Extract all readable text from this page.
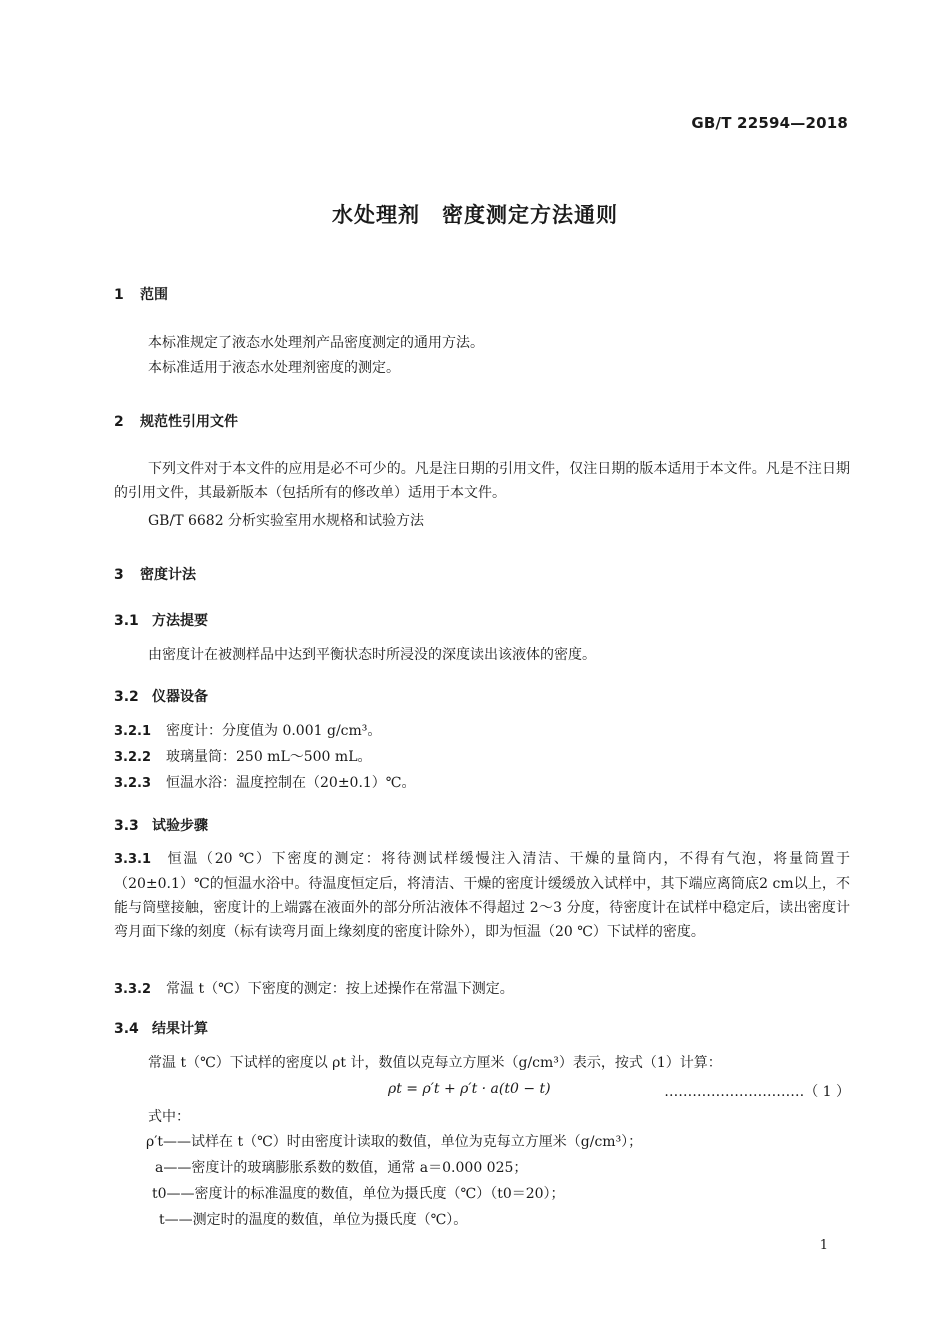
GB/T 22594—2018
水处理剂　密度测定方法通则
1 范围
本标准规定了液态水处理剂产品密度测定的通用方法。
本标准适用于液态水处理剂密度的测定。
2 规范性引用文件
下列文件对于本文件的应用是必不可少的。凡是注日期的引用文件，仅注日期的版本适用于本文件。凡是不注日期的引用文件，其最新版本（包括所有的修改单）适用于本文件。
GB/T 6682 分析实验室用水规格和试验方法
3 密度计法
3.1 方法提要
由密度计在被测样品中达到平衡状态时所浸没的深度读出该液体的密度。
3.2 仪器设备
3.2.1 密度计：分度值为 0.001 g/cm³。
3.2.2 玻璃量筒：250 mL～500 mL。
3.2.3 恒温水浴：温度控制在（20±0.1）℃。
3.3 试验步骤
3.3.1 恒温（20 ℃）下密度的测定：将待测试样缓慢注入清洁、干燥的量筒内，不得有气泡，将量筒置于（20±0.1）℃的恒温水浴中。待温度恒定后，将清洁、干燥的密度计缓缓放入试样中，其下端应离筒底2 cm以上，不能与筒壁接触，密度计的上端露在液面外的部分所沾液体不得超过 2～3 分度，待密度计在试样中稳定后，读出密度计弯月面下缘的刻度（标有读弯月面上缘刻度的密度计除外），即为恒温（20 ℃）下试样的密度。
3.3.2 常温 t（℃）下密度的测定：按上述操作在常温下测定。
3.4 结果计算
常温 t（℃）下试样的密度以 ρt 计，数值以克每立方厘米（g/cm³）表示，按式（1）计算：
ρt = ρ′t + ρ′t · a(t0 − t)	…………………………（ 1 ）
式中：
ρ′t——试样在 t（℃）时由密度计读取的数值，单位为克每立方厘米（g/cm³）；
a——密度计的玻璃膨胀系数的数值，通常 a＝0.000 025；
t0——密度计的标准温度的数值，单位为摄氏度（℃）（t0＝20）；
t——测定时的温度的数值，单位为摄氏度（℃）。
1
